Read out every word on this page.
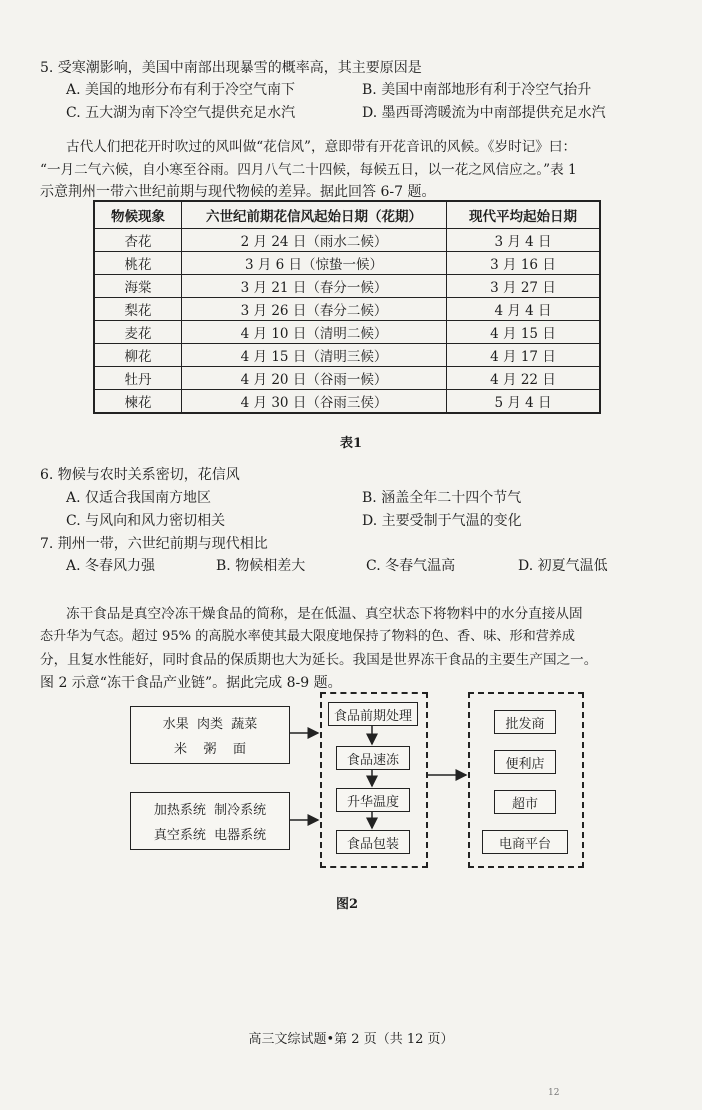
5. 受寒潮影响，美国中南部出现暴雪的概率高，其主要原因是
A. 美国的地形分布有利于冷空气南下	B. 美国中南部地形有利于冷空气抬升
C. 五大湖为南下冷空气提供充足水汽	D. 墨西哥湾暖流为中南部提供充足水汽
古代人们把花开时吹过的风叫做“花信风”，意即带有开花音讯的风候。《岁时记》曰：
“一月二气六候，自小寒至谷雨。四月八气二十四候，每候五日，以一花之风信应之。”表 1
示意荆州一带六世纪前期与现代物候的差异。据此回答 6-7 题。
物候现象	六世纪前期花信风起始日期（花期）	现代平均起始日期
杏花	2 月 24 日（雨水二候）	3 月 4 日
桃花	3 月 6 日（惊蛰一候）	3 月 16 日
海棠	3 月 21 日（春分一候）	3 月 27 日
梨花	3 月 26 日（春分二候）	4 月 4 日
麦花	4 月 10 日（清明二候）	4 月 15 日
柳花	4 月 15 日（清明三候）	4 月 17 日
牡丹	4 月 20 日（谷雨一候）	4 月 22 日
楝花	4 月 30 日（谷雨三侯）	5 月 4 日
表1
6. 物候与农时关系密切，花信风
A. 仅适合我国南方地区	B. 涵盖全年二十四个节气
C. 与风向和风力密切相关	D. 主要受制于气温的变化
7. 荆州一带，六世纪前期与现代相比
A. 冬春风力强	B. 物候相差大	C. 冬春气温高	D. 初夏气温低
冻干食品是真空冷冻干燥食品的简称，是在低温、真空状态下将物料中的水分直接从固
态升华为气态。超过 95% 的高脱水率使其最大限度地保持了物料的色、香、味、形和营养成
分，且复水性能好，同时食品的保质期也大为延长。我国是世界冻干食品的主要生产国之一。
图 2 示意“冻干食品产业链”。据此完成 8-9 题。
水果  肉类  蔬菜
米    粥    面
加热系统  制冷系统
真空系统  电器系统
食品前期处理
食品速冻
升华温度
食品包装
批发商
便利店
超市
电商平台
图2
高三文综试题•第 2 页（共 12 页）
12
